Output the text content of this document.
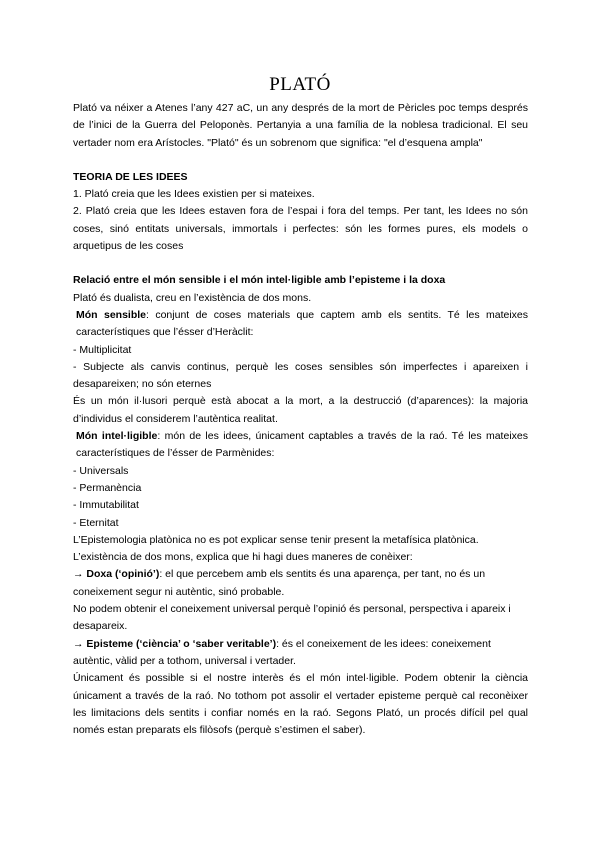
PLATÓ

Plató va néixer a Atenes l’any 427 aC, un any després de la mort de Pèricles poc temps després de l’inici de la Guerra del Peloponès. Pertanyia a una família de la noblesa tradicional. El seu vertader nom era Arístocles. "Plató" és un sobrenom que significa: "el d’esquena ampla"

TEORIA DE LES IDEES

1. Plató creia que les Idees existien per si mateixes.

2. Plató creia que les Idees estaven fora de l’espai i fora del temps. Per tant, les Idees no són coses, sinó entitats universals, immortals i perfectes: són les formes pures, els models o arquetipus de les coses

Relació entre el món sensible i el món intel·ligible amb l’episteme i la doxa

Plató és dualista, creu en l’existència de dos mons.

Món sensible: conjunt de coses materials que captem amb els sentits. Té les mateixes característiques que l’ésser d’Heràclit:

- Multiplicitat

- Subjecte als canvis continus, perquè les coses sensibles són imperfectes i apareixen i desapareixen; no són eternes

És un món il·lusori perquè està abocat a la mort, a la destrucció (d’aparences): la majoria d’individus el considerem l’autèntica realitat.

Món intel·ligible: món de les idees, únicament captables a través de la raó. Té les mateixes característiques de l’ésser de Parmènides:

- Universals

- Permanència

- Immutabilitat

- Eternitat

L’Epistemologia platònica no es pot explicar sense tenir present la metafísica platònica.

L’existència de dos mons, explica que hi hagi dues maneres de conèixer:

→ Doxa (‘opinió’): el que percebem amb els sentits és una aparença, per tant, no és un coneixement segur ni autèntic, sinó probable.

No podem obtenir el coneixement universal perquè l’opinió és personal, perspectiva i apareix i desapareix.

→ Episteme (‘ciència’ o ‘saber veritable’): és el coneixement de les idees: coneixement autèntic, vàlid per a tothom, universal i vertader.

Únicament és possible si el nostre interès és el món intel·ligible. Podem obtenir la ciència únicament a través de la raó. No tothom pot assolir el vertader episteme perquè cal reconèixer les limitacions dels sentits i confiar només en la raó. Segons Plató, un procés difícil pel qual només estan preparats els filòsofs (perquè s’estimen el saber).
